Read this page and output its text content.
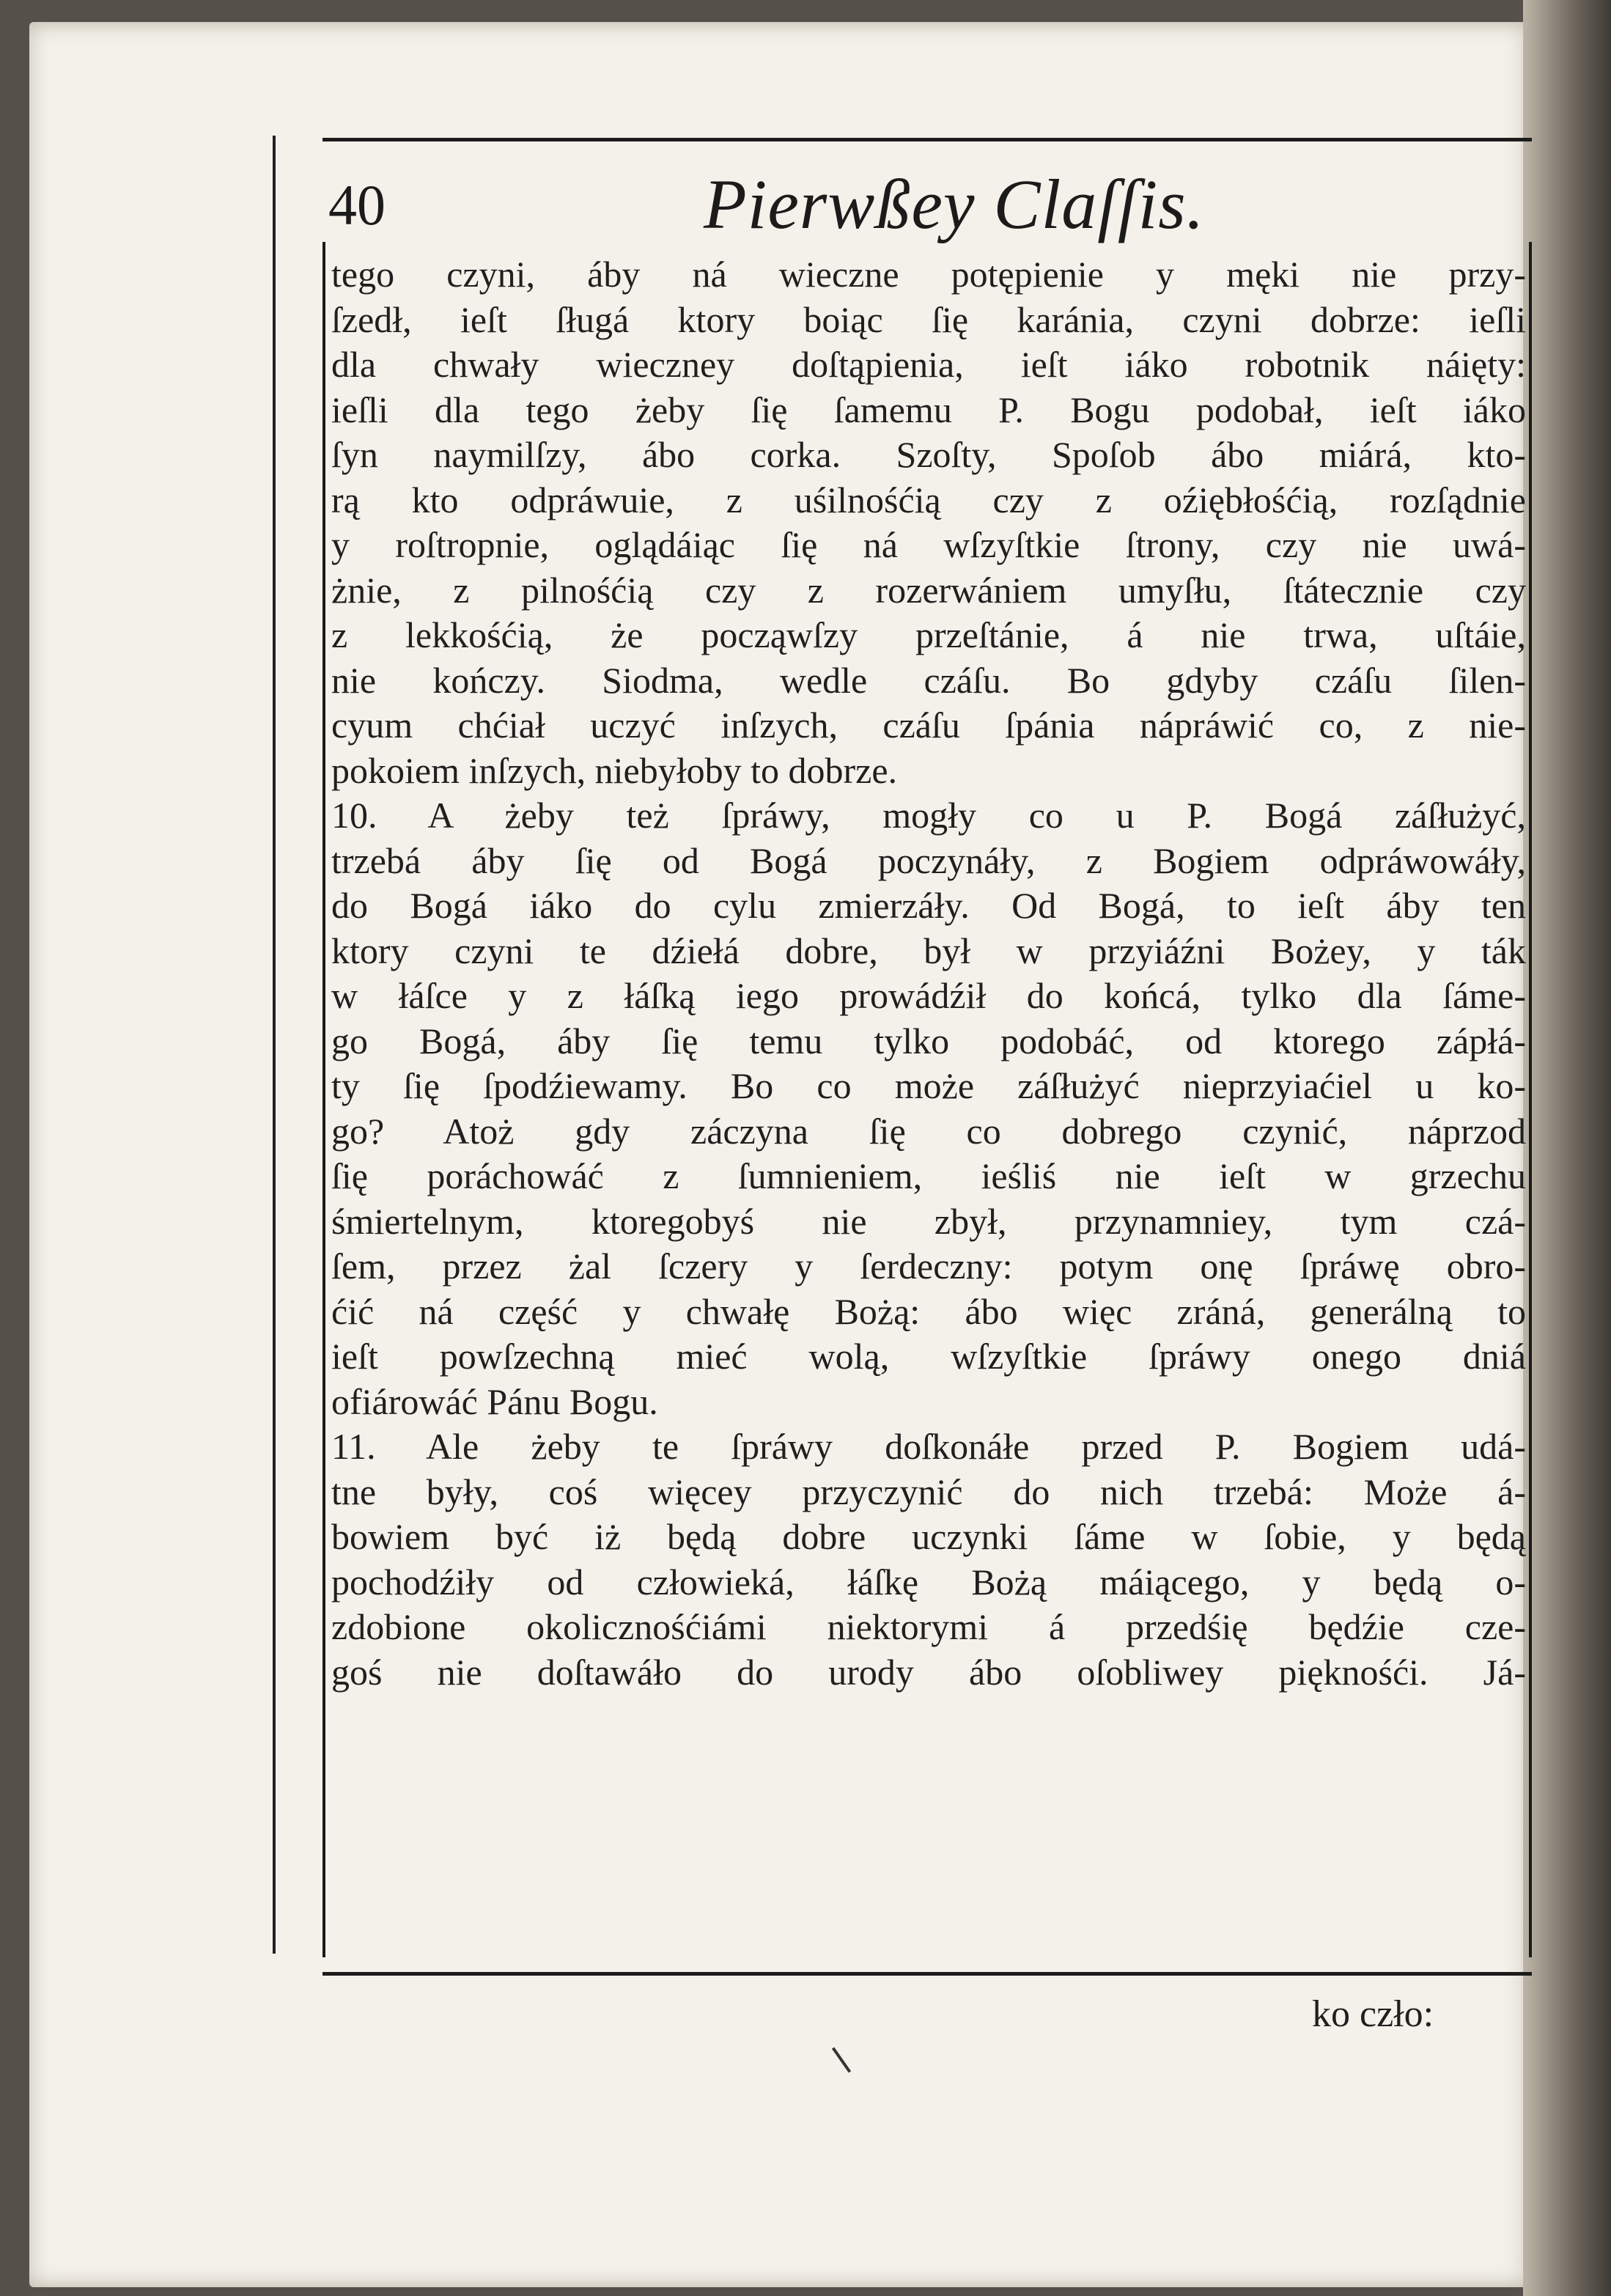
40	Pierwßey Claſſis.
tego czyni, áby ná wieczne potępienie y męki nie przy-
ſzedł, ieſt ſługá ktory boiąc ſię karánia, czyni dobrze: ieſli
dla chwały wieczney doſtąpienia, ieſt iáko robotnik náięty:
ieſli dla tego żeby ſię ſamemu P. Bogu podobał, ieſt iáko
ſyn naymilſzy, ábo corka. Szoſty, Spoſob ábo miárá, kto-
rą kto odpráwuie, z uśilnośćią czy z oźiębłośćią, rozſądnie
y roſtropnie, oglądáiąc ſię ná wſzyſtkie ſtrony, czy nie uwá-
żnie, z pilnośćią czy z rozerwániem umyſłu, ſtátecznie czy
z lekkośćią, że począwſzy przeſtánie, á nie trwa, uſtáie,
nie kończy. Siodma, wedle czáſu. Bo gdyby czáſu ſilen-
cyum chćiał uczyć inſzych, czáſu ſpánia nápráwić co, z nie-
pokoiem inſzych, niebyłoby to dobrze.
10. A żeby też ſpráwy, mogły co u P. Bogá záſłużyć,
trzebá áby ſię od Bogá poczynáły, z Bogiem odpráwowáły,
do Bogá iáko do cylu zmierzáły. Od Bogá, to ieſt áby ten
ktory czyni te dźiełá dobre, był w przyiáźni Bożey, y ták
w łáſce y z łáſką iego prowádźił do końcá, tylko dla ſáme-
go Bogá, áby ſię temu tylko podobáć, od ktorego zápłá-
ty ſię ſpodźiewamy. Bo co może záſłużyć nieprzyiaćiel u ko-
go? Atoż gdy záczyna ſię co dobrego czynić, náprzod
ſię poráchowáć z ſumnieniem, ieśliś nie ieſt w grzechu
śmiertelnym, ktoregobyś nie zbył, przynamniey, tym czá-
ſem, przez żal ſczery y ſerdeczny: potym onę ſpráwę obro-
ćić ná część y chwałę Bożą: ábo więc zráná, generálną to
ieſt powſzechną mieć wolą, wſzyſtkie ſpráwy onego dniá
ofiárowáć Pánu Bogu.
11. Ale żeby te ſpráwy doſkonáłe przed P. Bogiem udá-
tne były, coś więcey przyczynić do nich trzebá: Może á-
bowiem być iż będą dobre uczynki ſáme w ſobie, y będą
pochodźiły od człowieká, łáſkę Bożą máiącego, y będą o-
zdobione okolicznośćiámi niektorymi á przedśię będźie cze-
goś nie doſtawáło do urody ábo oſobliwey pięknośći. Já-
ko czło:
